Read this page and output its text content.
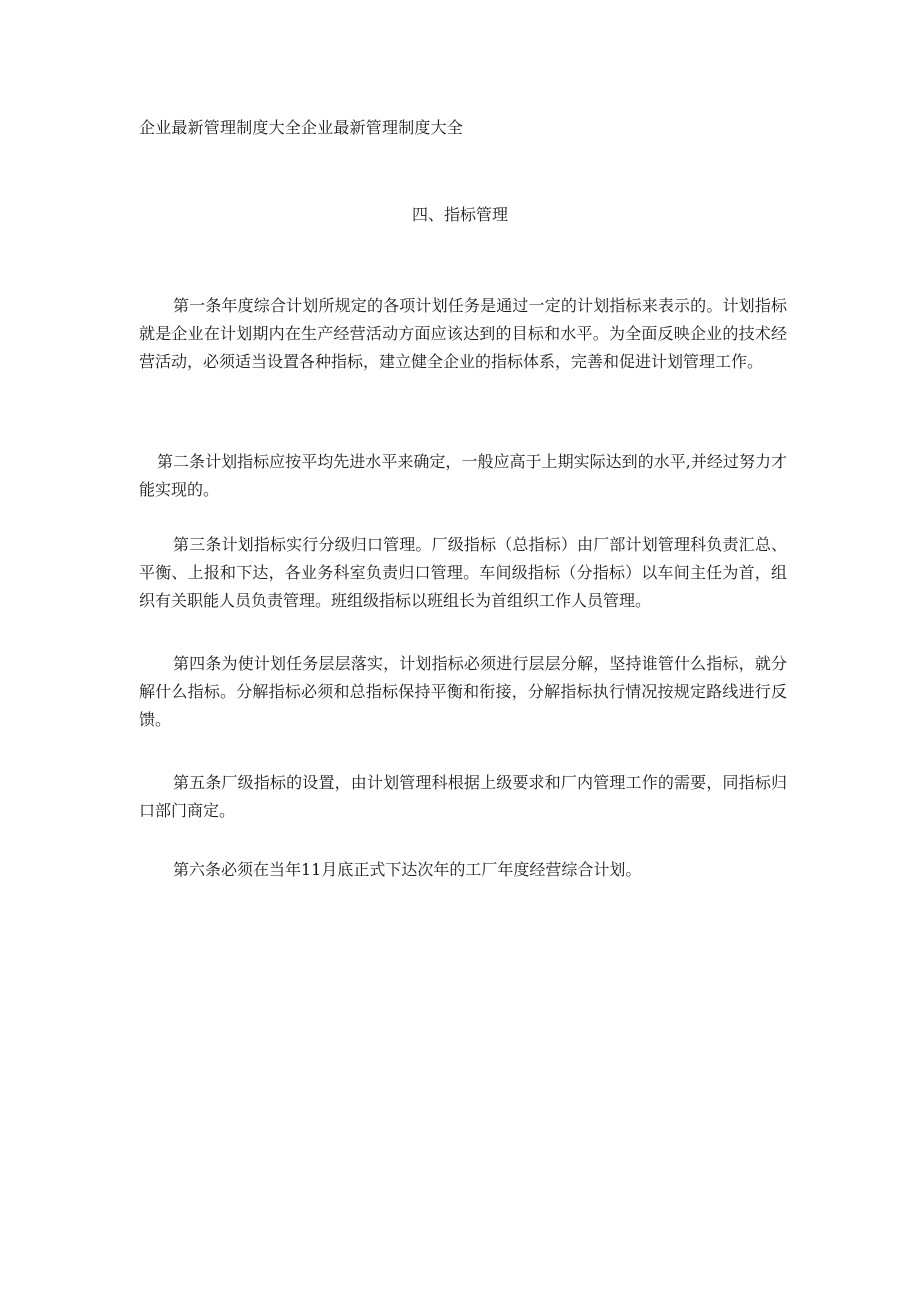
企业最新管理制度大全企业最新管理制度大全
四、指标管理

第一条年度综合计划所规定的各项计划任务是通过一定的计划指标来表示的。计划指标就是企业在计划期内在生产经营活动方面应该达到的目标和水平。为全面反映企业的技术经营活动，必须适当设置各种指标，建立健全企业的指标体系，完善和促进计划管理工作。

第二条计划指标应按平均先进水平来确定，一般应高于上期实际达到的水平,并经过努力才能实现的。

第三条计划指标实行分级归口管理。厂级指标（总指标）由厂部计划管理科负责汇总、平衡、上报和下达，各业务科室负责归口管理。车间级指标（分指标）以车间主任为首，组织有关职能人员负责管理。班组级指标以班组长为首组织工作人员管理。

第四条为使计划任务层层落实，计划指标必须进行层层分解，坚持谁管什么指标，就分解什么指标。分解指标必须和总指标保持平衡和衔接，分解指标执行情况按规定路线进行反馈。

第五条厂级指标的设置，由计划管理科根据上级要求和厂内管理工作的需要，同指标归口部门商定。

第六条必须在当年11月底正式下达次年的工厂年度经营综合计划。
